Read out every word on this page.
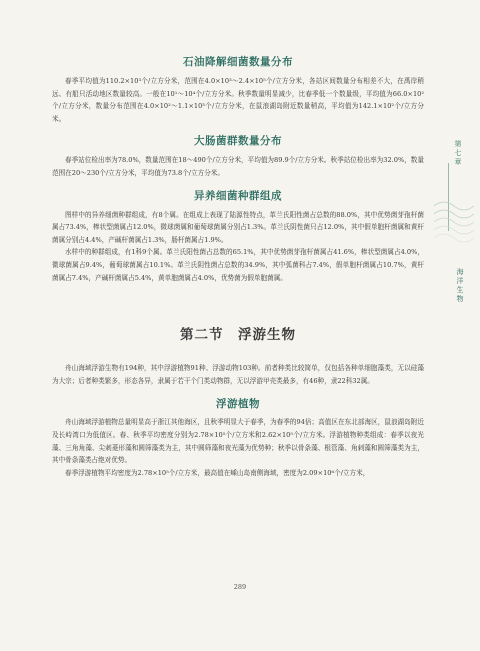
石油降解细菌数量分布

春季平均值为110.2×10³个/立方分米，范围在4.0×10³～2.4×10⁵个/立方分米，各站区间数量分布相差不大，在禹岸稍远、有船只活动地区数量较高。一般在10¹～10⁴个/立方分米。秋季数量明显减少，比春季低一个数量级，平均值为66.0×10²个/立方分米，数量分布范围在4.0×10²～1.1×10³个/立方分米，在鼠浪湖岛附近数量稍高，平均值为142.1×10²个/立方分米。

大肠菌群数量分布

春季站位检出率为78.0%，数量范围在18～490个/立方分米，平均值为89.9个/立方分米。秋季站位检出率为32.0%，数量范围在20～230个/立方分米，平均值为73.8个/立方分米。

异养细菌种群组成

图样中的异养细菌种群组成，有8个属。在组成上表现了陆源性特点，革兰氏阳性菌占总数的88.0%，其中优势菌芽孢杆菌属占73.4%，棒状型菌属占12.0%，微球菌属和葡萄球菌属分别占1.3%。革兰氏阴性菌只占12.0%，其中假单胞杆菌属和黄杆菌属分别占4.4%，产碱杆菌属占1.3%，肠杆菌属占1.9%。

水样中的种群组成，有1科9个属。革兰氏阳性菌占总数的65.1%，其中优势菌芽孢杆菌属占41.6%，棒状型菌属占4.0%，微球菌属占9.4%，葡萄球菌属占10.1%。革兰氏阴性菌占总数的34.9%，其中弧菌科占7.4%，假单胞杆菌属占10.7%，黄杆菌属占7.4%，产碱杆菌属占5.4%，黄单胞菌属占4.0%，优势菌为假单胞菌属。

第二节　浮游生物

舟山海域浮游生物有194种，其中浮游植物91种、浮游动物103种。前者种类比较简单，仅包括各种单细胞藻类，无以硅藻为大宗；后者种类繁多，形态各异，隶属于若干个门类动物群，无以浮游甲壳类最多，有46种，隶22科32属。

浮游植物

舟山海域浮游植物总量明显高于浙江其他海区，且秋季明显大于春季，为春季的94倍；高值区在东北部海区，鼠浪湖岛附近及长峙湾口为低值区。春、秋季平均密度分别为2.78×10⁵个/立方米和2.62×10⁵个/立方米。浮游植物种类组成：春季以夜光藻、三角角藻、尖刺菱形藻和圆筛藻类为主，其中圆筛藻和夜光藻为优势种；秋季以骨条藻、根管藻、角刺藻和圆筛藻类为主，其中骨条藻类占绝对优势。

春季浮游植物平均密度为2.78×10⁵个/立方米，最高值在嵊山岛南侧海域，密度为2.09×10⁶个/立方米，

第七章
海洋生物
289
